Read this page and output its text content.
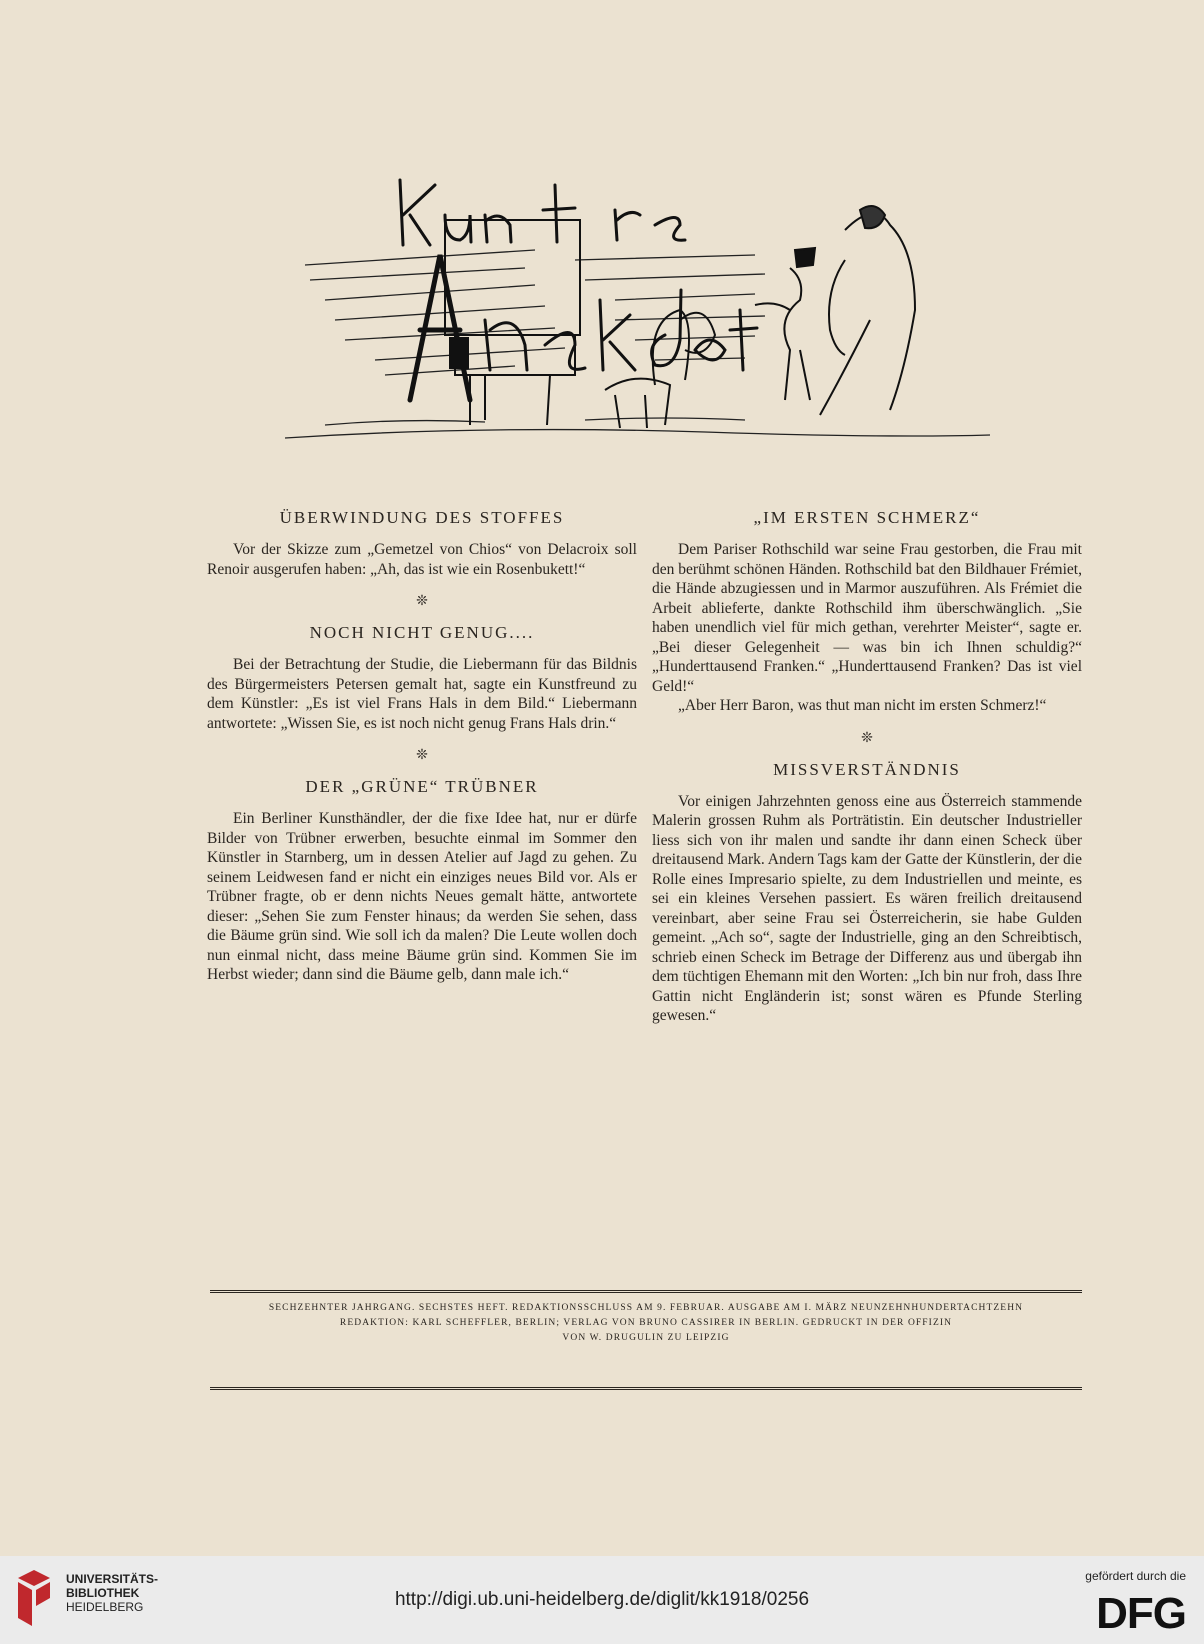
ÜBERWINDUNG DES STOFFES

Vor der Skizze zum „Gemetzel von Chios“ von Delacroix soll Renoir ausgerufen haben: „Ah, das ist wie ein Rosenbukett!“

❊

NOCH NICHT GENUG....

Bei der Betrachtung der Studie, die Liebermann für das Bildnis des Bürgermeisters Petersen gemalt hat, sagte ein Kunstfreund zu dem Künstler: „Es ist viel Frans Hals in dem Bild.“ Liebermann antwortete: „Wissen Sie, es ist noch nicht genug Frans Hals drin.“

❊

DER „GRÜNE“ TRÜBNER

Ein Berliner Kunsthändler, der die fixe Idee hat, nur er dürfe Bilder von Trübner erwerben, besuchte einmal im Sommer den Künstler in Starnberg, um in dessen Atelier auf Jagd zu gehen. Zu seinem Leidwesen fand er nicht ein einziges neues Bild vor. Als er Trübner fragte, ob er denn nichts Neues gemalt hätte, antwortete dieser: „Sehen Sie zum Fenster hinaus; da werden Sie sehen, dass die Bäume grün sind. Wie soll ich da malen? Die Leute wollen doch nun einmal nicht, dass meine Bäume grün sind. Kommen Sie im Herbst wieder; dann sind die Bäume gelb, dann male ich.“

„IM ERSTEN SCHMERZ“

Dem Pariser Rothschild war seine Frau gestorben, die Frau mit den berühmt schönen Händen. Rothschild bat den Bildhauer Frémiet, die Hände abzugiessen und in Marmor auszuführen. Als Frémiet die Arbeit ablieferte, dankte Rothschild ihm überschwänglich. „Sie haben unendlich viel für mich gethan, verehrter Meister“, sagte er. „Bei dieser Gelegenheit — was bin ich Ihnen schuldig?“ „Hunderttausend Franken.“ „Hunderttausend Franken? Das ist viel Geld!“

„Aber Herr Baron, was thut man nicht im ersten Schmerz!“

❊

MISSVERSTÄNDNIS

Vor einigen Jahrzehnten genoss eine aus Österreich stammende Malerin grossen Ruhm als Porträtistin. Ein deutscher Industrieller liess sich von ihr malen und sandte ihr dann einen Scheck über dreitausend Mark. Andern Tags kam der Gatte der Künstlerin, der die Rolle eines Impresario spielte, zu dem Industriellen und meinte, es sei ein kleines Versehen passiert. Es wären freilich dreitausend vereinbart, aber seine Frau sei Österreicherin, sie habe Gulden gemeint. „Ach so“, sagte der Industrielle, ging an den Schreibtisch, schrieb einen Scheck im Betrage der Differenz aus und übergab ihn dem tüchtigen Ehemann mit den Worten: „Ich bin nur froh, dass Ihre Gattin nicht Engländerin ist; sonst wären es Pfunde Sterling gewesen.“

SECHZEHNTER JAHRGANG. SECHSTES HEFT. REDAKTIONSSCHLUSS AM 9. FEBRUAR. AUSGABE AM I. MÄRZ NEUNZEHNHUNDERTACHTZEHN
REDAKTION: KARL SCHEFFLER, BERLIN; VERLAG VON BRUNO CASSIRER IN BERLIN. GEDRUCKT IN DER OFFIZIN
VON W. DRUGULIN ZU LEIPZIG
UNIVERSITÄTS-
BIBLIOTHEK
HEIDELBERG	http://digi.ub.uni-heidelberg.de/diglit/kk1918/0256
gefördert durch die
DFG
